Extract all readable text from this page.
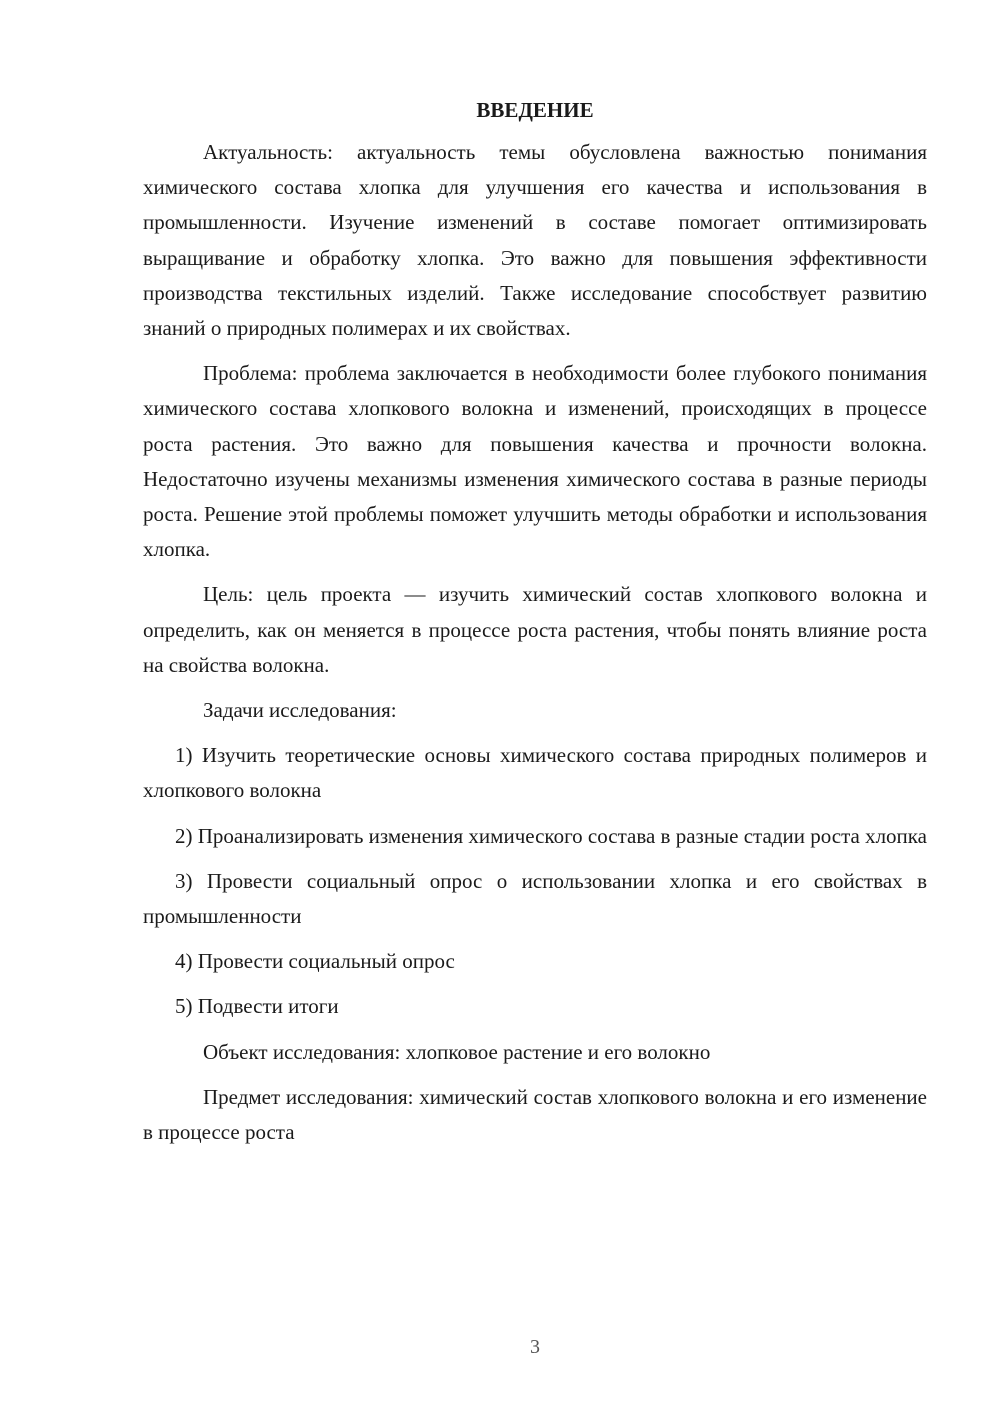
ВВЕДЕНИЕ

Актуальность: актуальность темы обусловлена важностью понимания химического состава хлопка для улучшения его качества и использования в промышленности. Изучение изменений в составе помогает оптимизировать выращивание и обработку хлопка. Это важно для повышения эффективности производства текстильных изделий. Также исследование способствует развитию знаний о природных полимерах и их свойствах.

Проблема: проблема заключается в необходимости более глубокого понимания химического состава хлопкового волокна и изменений, происходящих в процессе роста растения. Это важно для повышения качества и прочности волокна. Недостаточно изучены механизмы изменения химического состава в разные периоды роста. Решение этой проблемы поможет улучшить методы обработки и использования хлопка.

Цель: цель проекта — изучить химический состав хлопкового волокна и определить, как он меняется в процессе роста растения, чтобы понять влияние роста на свойства волокна.

Задачи исследования:

1) Изучить теоретические основы химического состава природных полимеров и хлопкового волокна

2) Проанализировать изменения химического состава в разные стадии роста хлопка

3) Провести социальный опрос о использовании хлопка и его свойствах в промышленности

4) Провести социальный опрос

5) Подвести итоги

Объект исследования: хлопковое растение и его волокно

Предмет исследования: химический состав хлопкового волокна и его изменение в процессе роста

3
